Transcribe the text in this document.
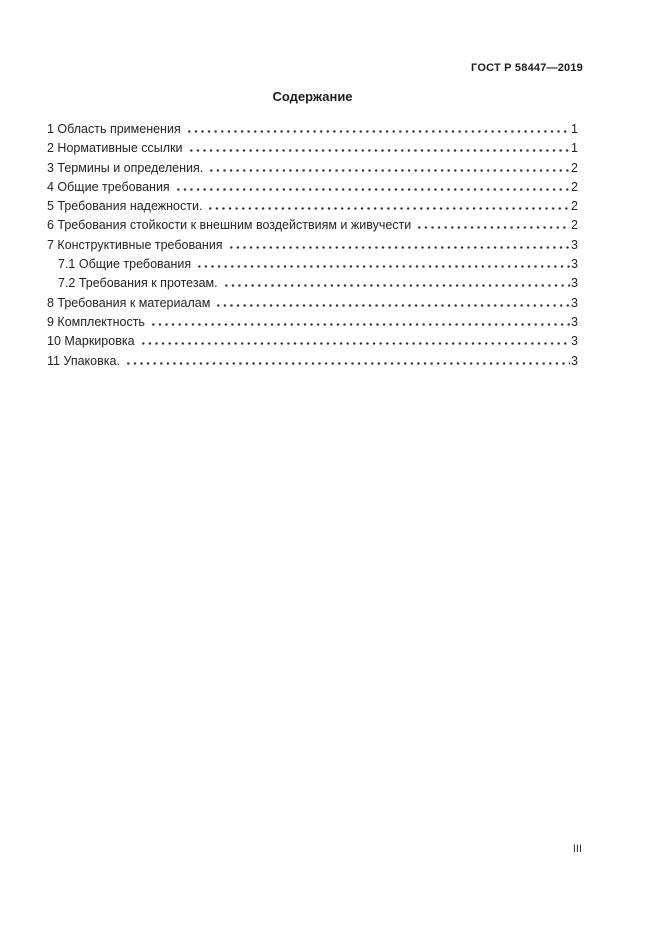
ГОСТ Р 58447—2019
Содержание
1 Область применения	1
2 Нормативные ссылки	1
3 Термины и определения.	2
4 Общие требования	2
5 Требования надежности.	2
6 Требования стойкости к внешним воздействиям и живучести	2
7 Конструктивные требования	3
7.1 Общие требования	3
7.2 Требования к протезам.	3
8 Требования к материалам	3
9 Комплектность	3
10 Маркировка	3
11 Упаковка.	3
III
